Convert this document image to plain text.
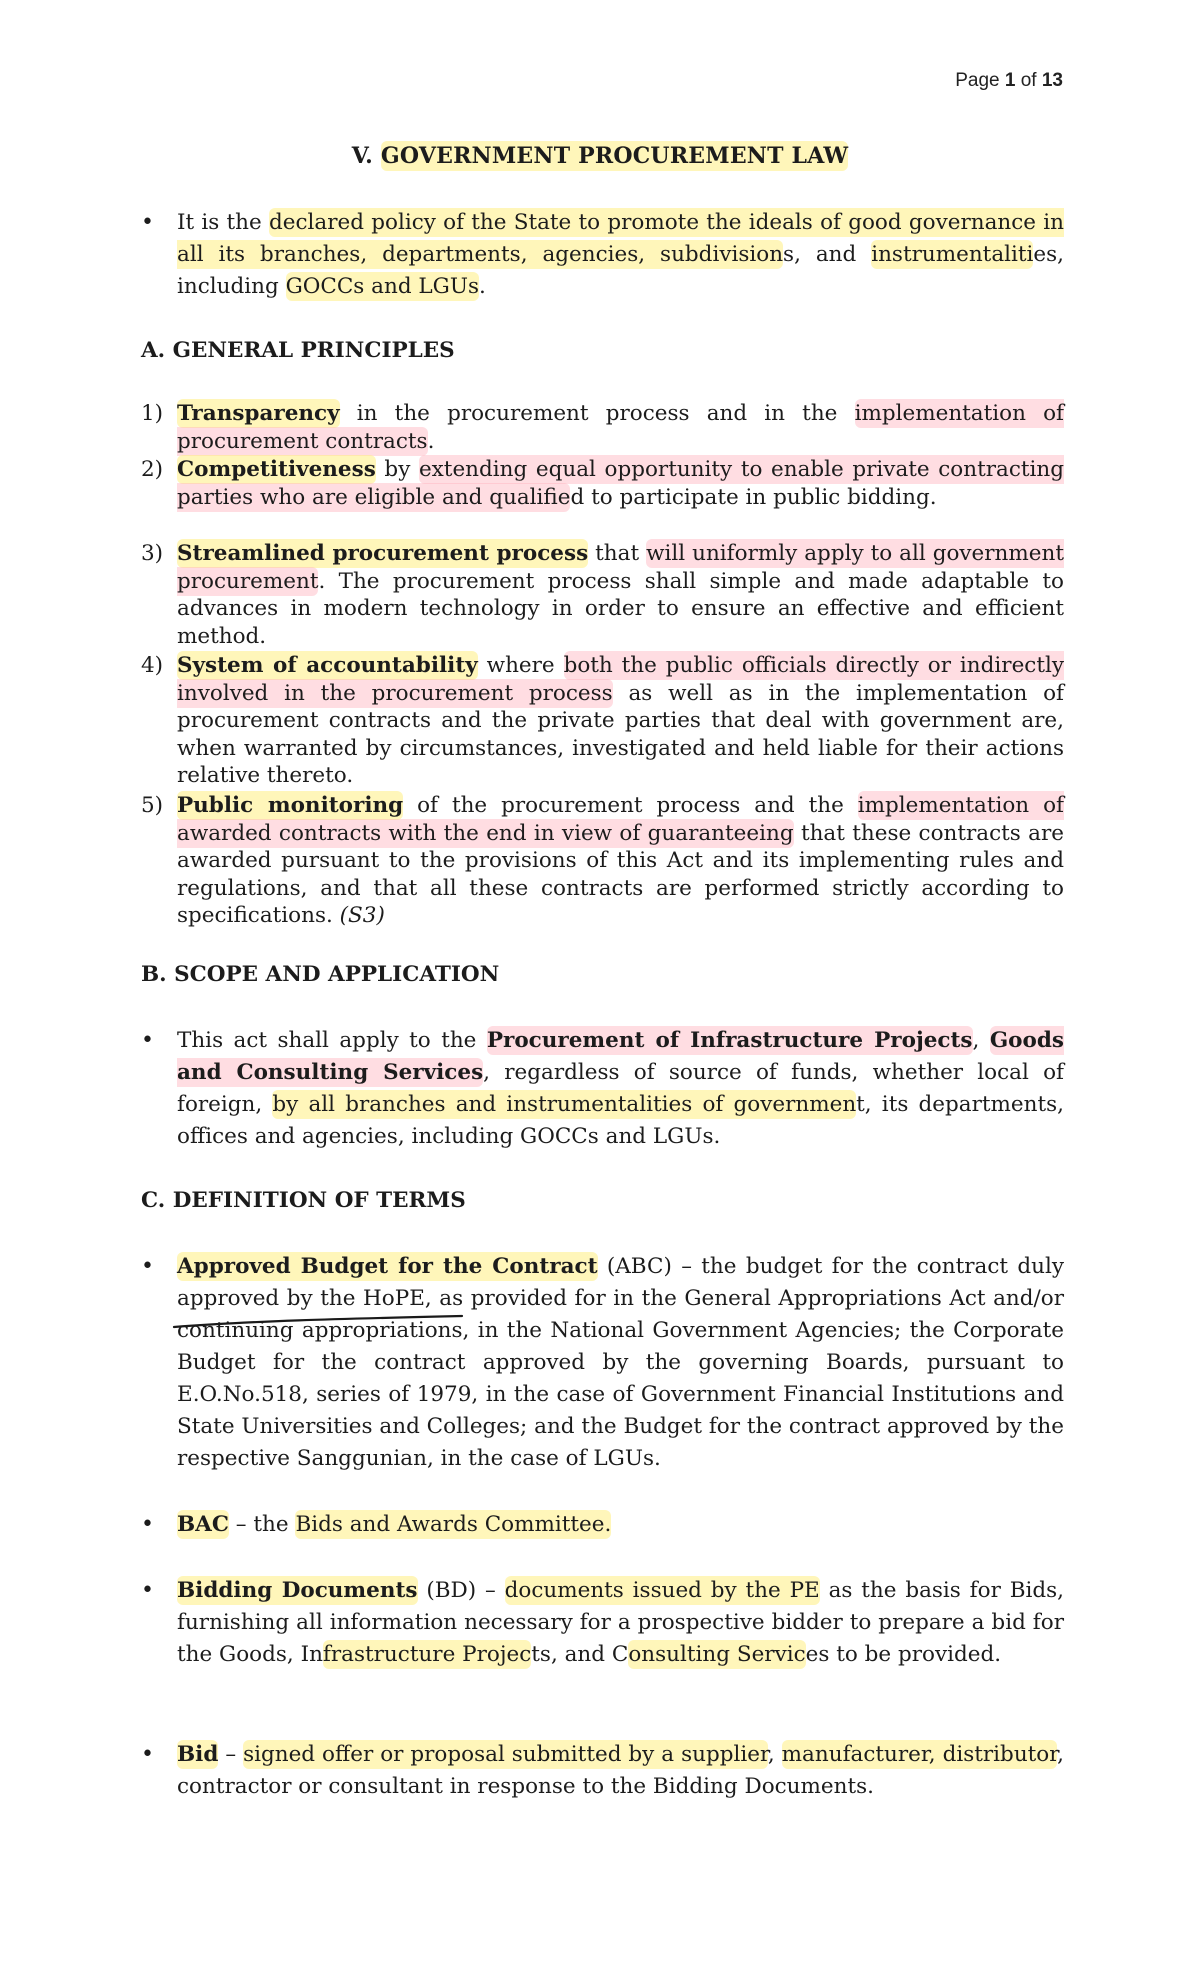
Page 1 of 13
V. GOVERNMENT PROCUREMENT LAW
• It is the declared policy of the State to promote the ideals of good governance in all its branches, departments, agencies, subdivisions, and instrumentalities, including GOCCs and LGUs.
A. GENERAL PRINCIPLES
1) Transparency in the procurement process and in the implementation of procurement contracts.
2) Competitiveness by extending equal opportunity to enable private contracting parties who are eligible and qualified to participate in public bidding.
3) Streamlined procurement process that will uniformly apply to all government procurement. The procurement process shall simple and made adaptable to advances in modern technology in order to ensure an effective and efficient method.
4) System of accountability where both the public officials directly or indirectly involved in the procurement process as well as in the implementation of procurement contracts and the private parties that deal with government are, when warranted by circumstances, investigated and held liable for their actions relative thereto.
5) Public monitoring of the procurement process and the implementation of awarded contracts with the end in view of guaranteeing that these contracts are awarded pursuant to the provisions of this Act and its implementing rules and regulations, and that all these contracts are performed strictly according to specifications. (S3)
B. SCOPE AND APPLICATION
• This act shall apply to the Procurement of Infrastructure Projects, Goods and Consulting Services, regardless of source of funds, whether local of foreign, by all branches and instrumentalities of government, its departments, offices and agencies, including GOCCs and LGUs.
C. DEFINITION OF TERMS
• Approved Budget for the Contract (ABC) – the budget for the contract duly approved by the HoPE, as provided for in the General Appropriations Act and/or continuing appropriations, in the National Government Agencies; the Corporate Budget for the contract approved by the governing Boards, pursuant to E.O.No.518, series of 1979, in the case of Government Financial Institutions and State Universities and Colleges; and the Budget for the contract approved by the respective Sanggunian, in the case of LGUs.
• BAC – the Bids and Awards Committee.
• Bidding Documents (BD) – documents issued by the PE as the basis for Bids, furnishing all information necessary for a prospective bidder to prepare a bid for the Goods, Infrastructure Projects, and Consulting Services to be provided.
• Bid – signed offer or proposal submitted by a supplier, manufacturer, distributor, contractor or consultant in response to the Bidding Documents.
